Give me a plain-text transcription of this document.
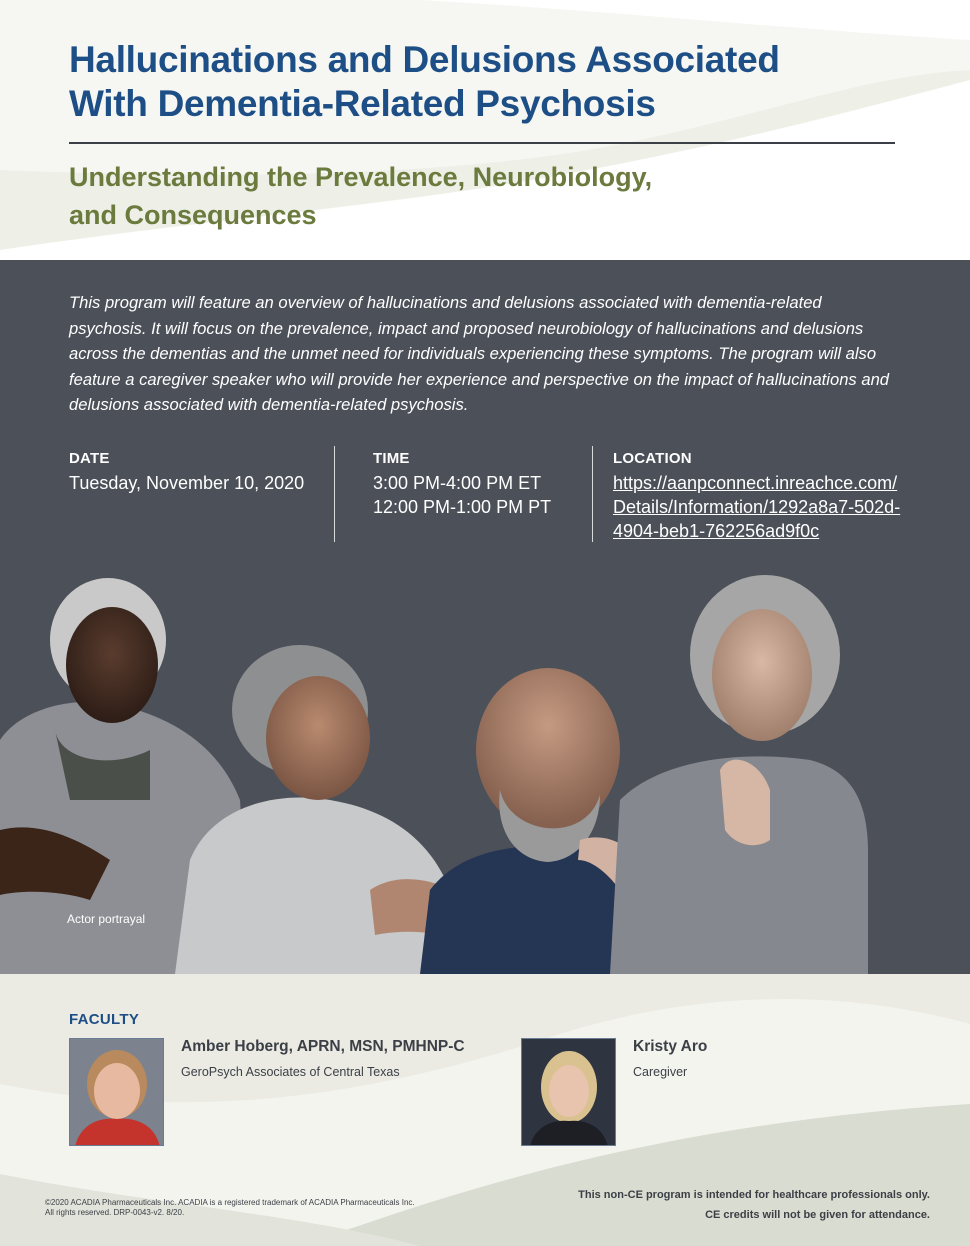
Hallucinations and Delusions Associated
With Dementia-Related Psychosis
Understanding the Prevalence, Neurobiology,
and Consequences

This program will feature an overview of hallucinations and delusions associated with dementia-related psychosis. It will focus on the prevalence, impact and proposed neurobiology of hallucinations and delusions across the dementias and the unmet need for individuals experiencing these symptoms. The program will also feature a caregiver speaker who will provide her experience and perspective on the impact of hallucinations and delusions associated with dementia-related psychosis.

DATE
Tuesday, November 10, 2020
TIME
3:00 PM-4:00 PM ET
12:00 PM-1:00 PM PT
LOCATION
https://aanpconnect.inreachce.com/Details/Information/1292a8a7-502d-4904-beb1-762256ad9f0c
Actor portrayal
FACULTY
Amber Hoberg, APRN, MSN, PMHNP-C
GeroPsych Associates of Central Texas
Kristy Aro
Caregiver
©2020 ACADIA Pharmaceuticals Inc. ACADIA is a registered trademark of ACADIA Pharmaceuticals Inc.
All rights reserved. DRP-0043-v2. 8/20.
This non-CE program is intended for healthcare professionals only.
CE credits will not be given for attendance.
